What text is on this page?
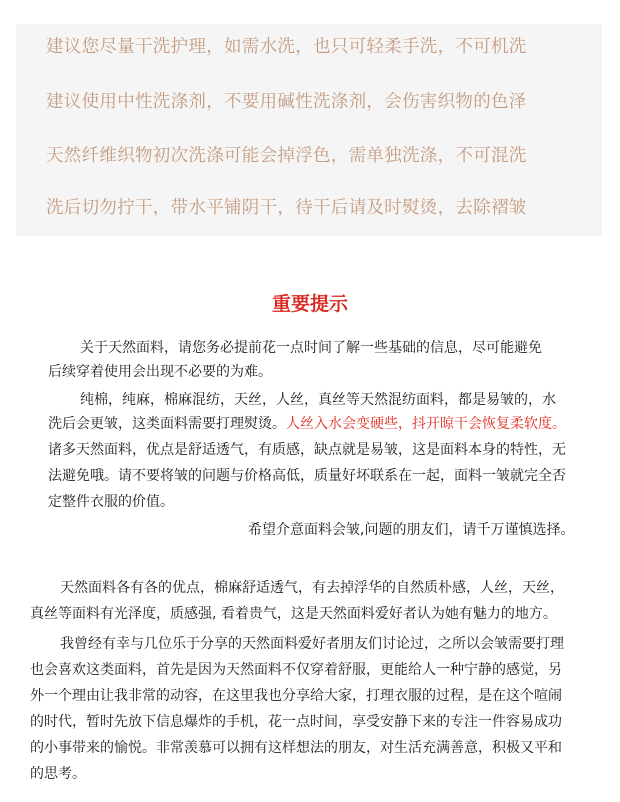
建议您尽量干洗护理，如需水洗，也只可轻柔手洗，不可机洗
建议使用中性洗涤剂，不要用碱性洗涤剂，会伤害织物的色泽
天然纤维织物初次洗涤可能会掉浮色，需单独洗涤，不可混洗
洗后切勿拧干，带水平铺阴干，待干后请及时熨烫，去除褶皱
重要提示
关于天然面料，请您务必提前花一点时间了解一些基础的信息，尽可能避免
后续穿着使用会出现不必要的为难。
纯棉，纯麻，棉麻混纺，天丝，人丝，真丝等天然混纺面料，都是易皱的，水
洗后会更皱，这类面料需要打理熨烫。人丝入水会变硬些，抖开晾干会恢复柔软度。
诸多天然面料，优点是舒适透气，有质感，缺点就是易皱，这是面料本身的特性，无
法避免哦。请不要将皱的问题与价格高低，质量好坏联系在一起，面料一皱就完全否
定整件衣服的价值。
希望介意面料会皱,问题的朋友们，请千万谨慎选择。
天然面料各有各的优点，棉麻舒适透气，有去掉浮华的自然质朴感，人丝，天丝，
真丝等面料有光泽度，质感强, 看着贵气，这是天然面料爱好者认为她有魅力的地方。
我曾经有幸与几位乐于分享的天然面料爱好者朋友们讨论过，之所以会皱需要打理
也会喜欢这类面料，首先是因为天然面料不仅穿着舒服，更能给人一种宁静的感觉，另
外一个理由让我非常的动容，在这里我也分享给大家，打理衣服的过程，是在这个喧闹
的时代，暂时先放下信息爆炸的手机，花一点时间，享受安静下来的专注一件容易成功
的小事带来的愉悦。非常羡慕可以拥有这样想法的朋友，对生活充满善意，积极又平和
的思考。
